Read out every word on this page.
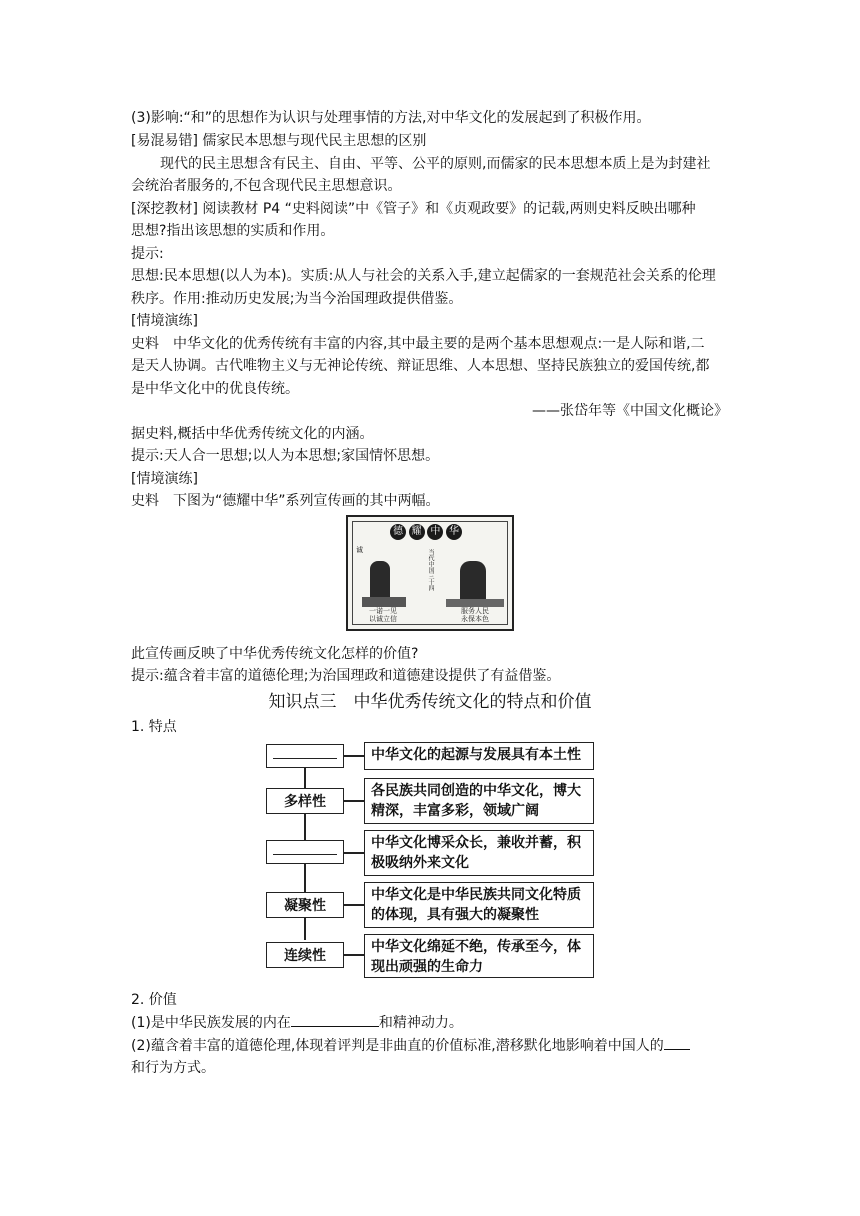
(3)影响:“和”的思想作为认识与处理事情的方法,对中华文化的发展起到了积极作用。
[易混易错] 儒家民本思想与现代民主思想的区别
现代的民主思想含有民主、自由、平等、公平的原则,而儒家的民本思想本质上是为封建社
会统治者服务的,不包含现代民主思想意识。
[深挖教材] 阅读教材 P4 “史料阅读”中《管子》和《贞观政要》的记载,两则史料反映出哪种
思想?指出该思想的实质和作用。
提示:
思想:民本思想(以人为本)。实质:从人与社会的关系入手,建立起儒家的一套规范社会关系的伦理
秩序。作用:推动历史发展;为当今治国理政提供借鉴。
[情境演练]
史料　中华文化的优秀传统有丰富的内容,其中最主要的是两个基本思想观点:一是人际和谐,二
是天人协调。古代唯物主义与无神论传统、辩证思维、人本思想、坚持民族独立的爱国传统,都
是中华文化中的优良传统。
——张岱年等《中国文化概论》
据史料,概括中华优秀传统文化的内涵。
提示:天人合一思想;以人为本思想;家国情怀思想。
[情境演练]
史料　下图为“德耀中华”系列宣传画的其中两幅。
德 耀 中 华
诚	当代中国三十四
一诺一见 以诚立信
服务人民 永保本色
此宣传画反映了中华优秀传统文化怎样的价值?
提示:蕴含着丰富的道德伦理;为治国理政和道德建设提供了有益借鉴。
知识点三　中华优秀传统文化的特点和价值
1. 特点
中华文化的起源与发展具有本土性
多样性
各民族共同创造的中华文化，博大精深，丰富多彩，领域广阔
中华文化博采众长，兼收并蓄，积极吸纳外来文化
凝聚性
中华文化是中华民族共同文化特质的体现，具有强大的凝聚性
连续性
中华文化绵延不绝，传承至今，体现出顽强的生命力
2. 价值
(1)是中华民族发展的内在	和精神动力。
(2)蕴含着丰富的道德伦理,体现着评判是非曲直的价值标准,潜移默化地影响着中国人的
和行为方式。
